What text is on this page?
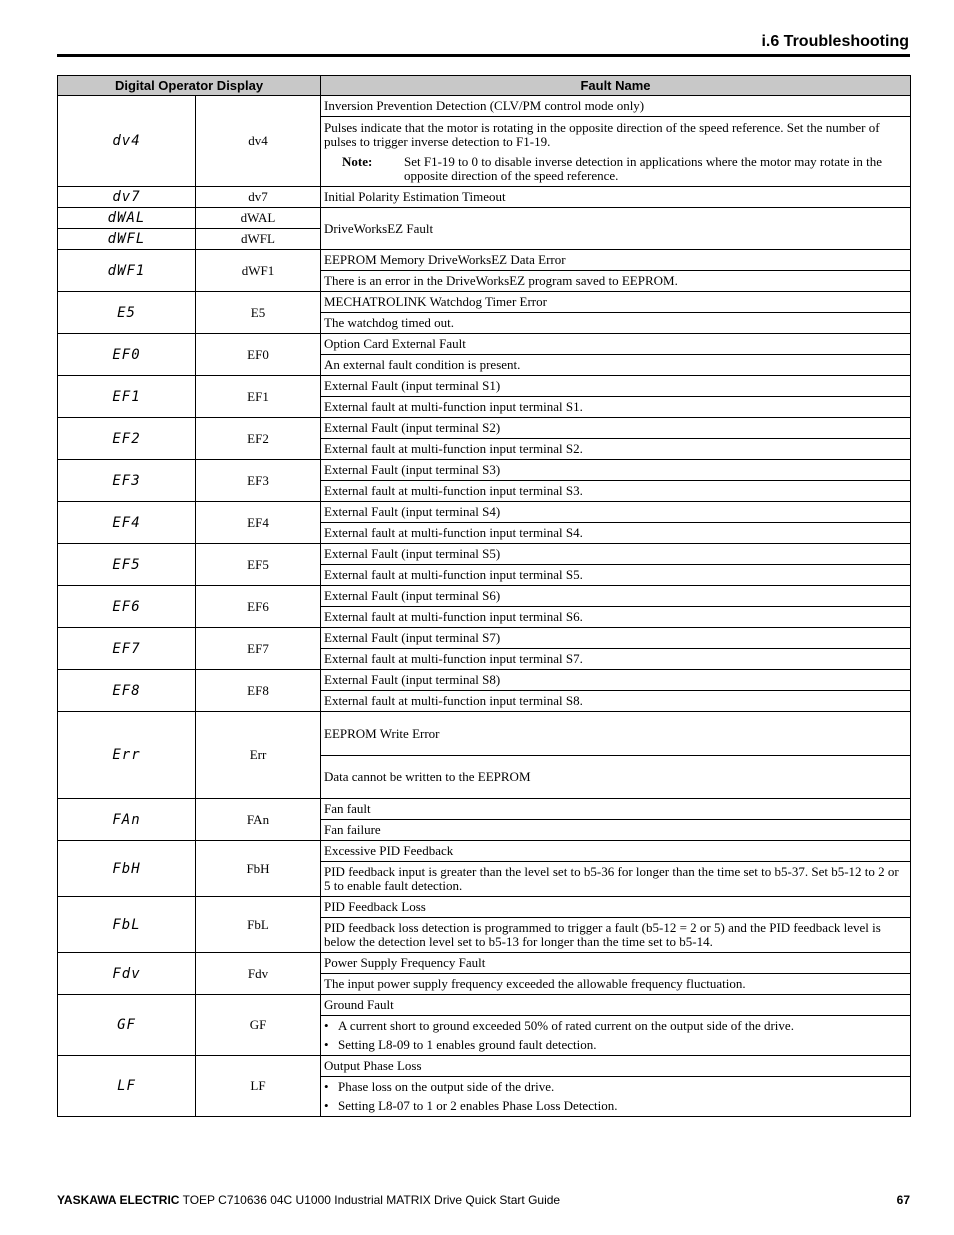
i.6 Troubleshooting
Digital Operator Display		Fault Name
dv4	dv4	Inversion Prevention Detection (CLV/PM control mode only)

		Pulses indicate that the motor is rotating in the opposite direction of the speed reference. Set the number of pulses to trigger inverse detection to F1-19.
Note: Set F1-19 to 0 to disable inverse detection in applications where the motor may rotate in the opposite direction of the speed reference.

dv7	dv7	Initial Polarity Estimation Timeout
dWAL	dWAL	DriveWorksEZ Fault
dWFL	dWFL	
dWF1	dWF1	EEPROM Memory DriveWorksEZ Data Error
		There is an error in the DriveWorksEZ program saved to EEPROM.
E5	E5	MECHATROLINK Watchdog Timer Error
		The watchdog timed out.
EF0	EF0	Option Card External Fault
		An external fault condition is present.
EF1	EF1	External Fault (input terminal S1)
		External fault at multi-function input terminal S1.
EF2	EF2	External Fault (input terminal S2)
		External fault at multi-function input terminal S2.
EF3	EF3	External Fault (input terminal S3)
		External fault at multi-function input terminal S3.
EF4	EF4	External Fault (input terminal S4)
		External fault at multi-function input terminal S4.
EF5	EF5	External Fault (input terminal S5)
		External fault at multi-function input terminal S5.
EF6	EF6	External Fault (input terminal S6)
		External fault at multi-function input terminal S6.
EF7	EF7	External Fault (input terminal S7)
		External fault at multi-function input terminal S7.
EF8	EF8	External Fault (input terminal S8)
		External fault at multi-function input terminal S8.
Err	Err	EEPROM Write Error
		Data cannot be written to the EEPROM
FAn	FAn	Fan fault
		Fan failure
FbH	FbH	Excessive PID Feedback
		PID feedback input is greater than the level set to b5-36 for longer than the time set to b5-37. Set b5-12 to 2 or 5 to enable fault detection.
FbL	FbL	PID Feedback Loss
		PID feedback loss detection is programmed to trigger a fault (b5-12 = 2 or 5) and the PID feedback level is below the detection level set to b5-13 for longer than the time set to b5-14.
Fdv	Fdv	Power Supply Frequency Fault
		The input power supply frequency exceeded the allowable frequency fluctuation.
GF	GF	Ground Fault

		• A current short to ground exceeded 50% of rated current on the output side of the drive.
• Setting L8-09 to 1 enables ground fault detection.

LF	LF	Output Phase Loss

		• Phase loss on the output side of the drive.
• Setting L8-07 to 1 or 2 enables Phase Loss Detection.
YASKAWA ELECTRIC TOEP C710636 04C U1000 Industrial MATRIX Drive Quick Start Guide	67
